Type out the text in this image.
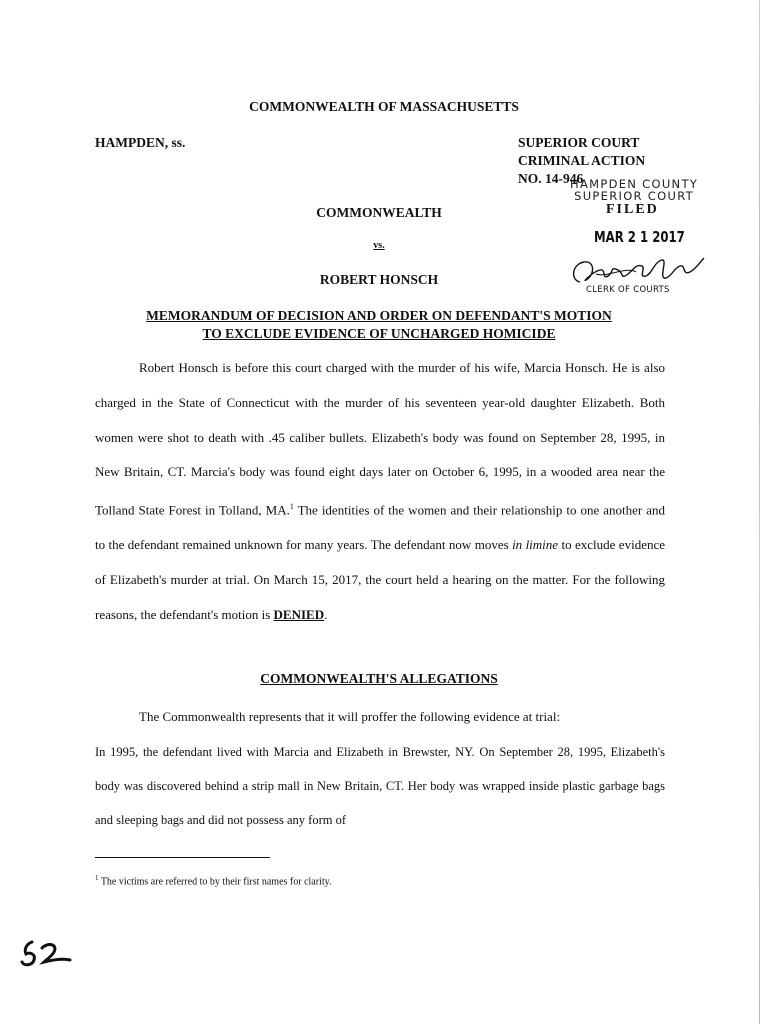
COMMONWEALTH OF MASSACHUSETTS
HAMPDEN, ss.	SUPERIOR COURT
CRIMINAL ACTION
NO. 14-946
HAMPDEN COUNTY
SUPERIOR COURT
FILED
MAR 2 1 2017
COMMONWEALTH
vs.
ROBERT HONSCH
CLERK OF COURTS
MEMORANDUM OF DECISION AND ORDER ON DEFENDANT'S MOTION
TO EXCLUDE EVIDENCE OF UNCHARGED HOMICIDE
Robert Honsch is before this court charged with the murder of his wife, Marcia Honsch. He is also charged in the State of Connecticut with the murder of his seventeen year-old daughter Elizabeth. Both women were shot to death with .45 caliber bullets. Elizabeth's body was found on September 28, 1995, in New Britain, CT. Marcia's body was found eight days later on October 6, 1995, in a wooded area near the Tolland State Forest in Tolland, MA.$^1$ The identities of the women and their relationship to one another and to the defendant remained unknown for many years. The defendant now moves in limine to exclude evidence of Elizabeth's murder at trial. On March 15, 2017, the court held a hearing on the matter. For the following reasons, the defendant's motion is DENIED.
COMMONWEALTH'S ALLEGATIONS
The Commonwealth represents that it will proffer the following evidence at trial:
In 1995, the defendant lived with Marcia and Elizabeth in Brewster, NY. On September 28, 1995, Elizabeth's body was discovered behind a strip mall in New Britain, CT. Her body was wrapped inside plastic garbage bags and sleeping bags and did not possess any form of
$^1$ The victims are referred to by their first names for clarity.
